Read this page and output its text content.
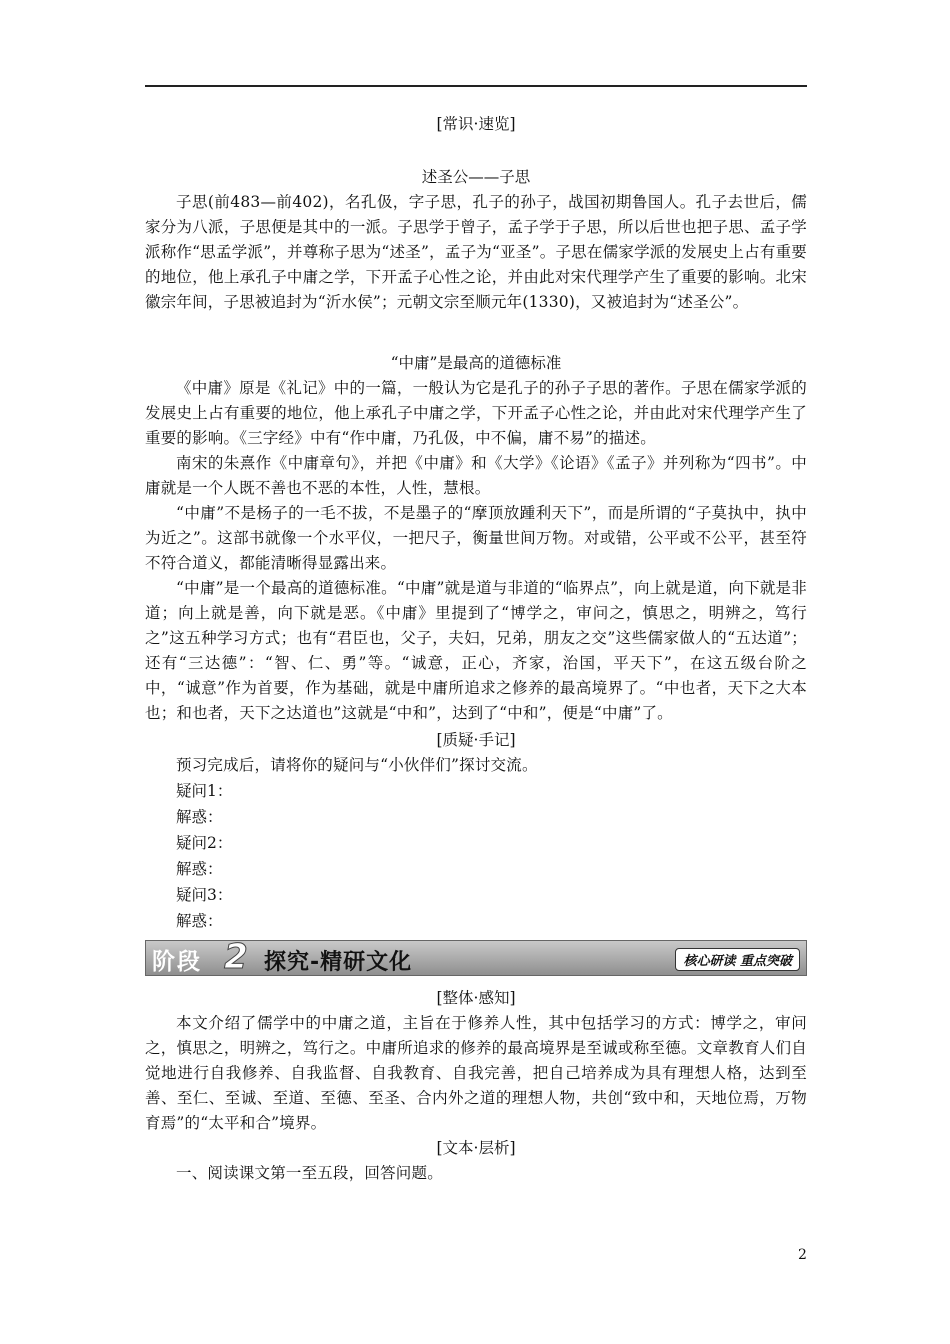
[常识·速览]

述圣公——子思

子思(前483—前402)，名孔伋，字子思，孔子的孙子，战国初期鲁国人。孔子去世后，儒家分为八派，子思便是其中的一派。子思学于曾子，孟子学于子思，所以后世也把子思、孟子学派称作“思孟学派”，并尊称子思为“述圣”，孟子为“亚圣”。子思在儒家学派的发展史上占有重要的地位，他上承孔子中庸之学，下开孟子心性之论，并由此对宋代理学产生了重要的影响。北宋徽宗年间，子思被追封为“沂水侯”；元朝文宗至顺元年(1330)，又被追封为“述圣公”。

“中庸”是最高的道德标准

《中庸》原是《礼记》中的一篇，一般认为它是孔子的孙子子思的著作。子思在儒家学派的发展史上占有重要的地位，他上承孔子中庸之学，下开孟子心性之论，并由此对宋代理学产生了重要的影响。《三字经》中有“作中庸，乃孔伋，中不偏，庸不易”的描述。

南宋的朱熹作《中庸章句》，并把《中庸》和《大学》《论语》《孟子》并列称为“四书”。中庸就是一个人既不善也不恶的本性，人性，慧根。

“中庸”不是杨子的一毛不拔，不是墨子的“摩顶放踵利天下”，而是所谓的“子莫执中，执中为近之”。这部书就像一个水平仪，一把尺子，衡量世间万物。对或错，公平或不公平，甚至符不符合道义，都能清晰得显露出来。

“中庸”是一个最高的道德标准。“中庸”就是道与非道的“临界点”，向上就是道，向下就是非道；向上就是善，向下就是恶。《中庸》里提到了“博学之，审问之，慎思之，明辨之，笃行之”这五种学习方式；也有“君臣也，父子，夫妇，兄弟，朋友之交”这些儒家做人的“五达道”；还有“三达德”：“智、仁、勇”等。“诚意，正心，齐家，治国，平天下”，在这五级台阶之中，“诚意”作为首要，作为基础，就是中庸所追求之修养的最高境界了。“中也者，天下之大本也；和也者，天下之达道也”这就是“中和”，达到了“中和”，便是“中庸”了。

[质疑·手记]

预习完成后，请将你的疑问与“小伙伴们”探讨交流。

疑问1：

解惑：

疑问2：

解惑：

疑问3：

解惑：

阶段 2 探究-精研文化	核心研读 重点突破

[整体·感知]

本文介绍了儒学中的中庸之道，主旨在于修养人性，其中包括学习的方式：博学之，审问之，慎思之，明辨之，笃行之。中庸所追求的修养的最高境界是至诚或称至德。文章教育人们自觉地进行自我修养、自我监督、自我教育、自我完善，把自己培养成为具有理想人格，达到至善、至仁、至诚、至道、至德、至圣、合内外之道的理想人物，共创“致中和，天地位焉，万物育焉”的“太平和合”境界。

[文本·层析]

一、阅读课文第一至五段，回答问题。

2
